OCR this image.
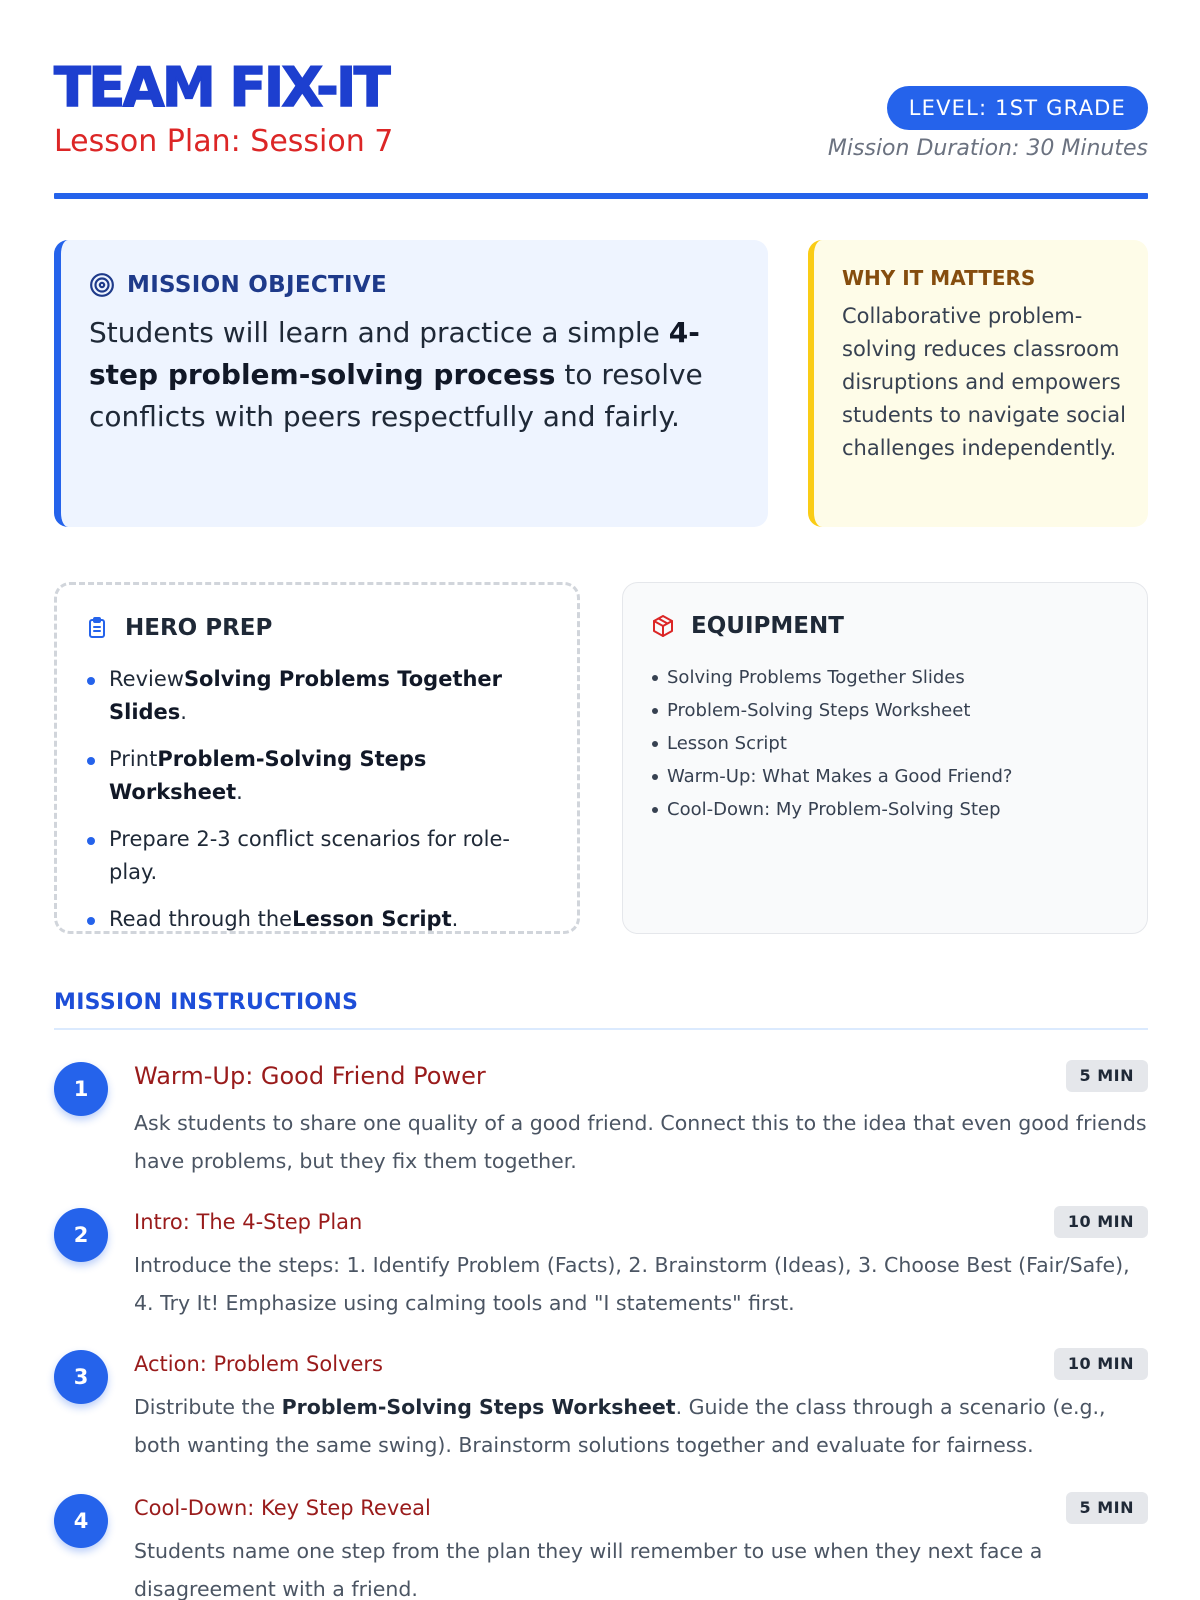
TEAM FIX-IT
Lesson Plan: Session 7
LEVEL: 1ST GRADE
Mission Duration: 30 Minutes
MISSION OBJECTIVE
Students will learn and practice a simple 4-step problem-solving process to resolve conflicts with peers respectfully and fairly.
WHY IT MATTERS
Collaborative problem-solving reduces classroom disruptions and empowers students to navigate social challenges independently.
HERO PREP
ReviewSolving Problems Together Slides.
PrintProblem-Solving Steps Worksheet.
Prepare 2-3 conflict scenarios for role-play.
Read through theLesson Script.
EQUIPMENT
Solving Problems Together Slides
Problem-Solving Steps Worksheet
Lesson Script
Warm-Up: What Makes a Good Friend?
Cool-Down: My Problem-Solving Step
MISSION INSTRUCTIONS
1	Warm-Up: Good Friend Power	5 MIN
Ask students to share one quality of a good friend. Connect this to the idea that even good friends have problems, but they fix them together.
2
Intro: The 4-Step Plan	10 MIN
Introduce the steps: 1. Identify Problem (Facts), 2. Brainstorm (Ideas), 3. Choose Best (Fair/Safe), 4. Try It! Emphasize using calming tools and "I statements" first.
3
Action: Problem Solvers	10 MIN
Distribute the Problem-Solving Steps Worksheet. Guide the class through a scenario (e.g., both wanting the same swing). Brainstorm solutions together and evaluate for fairness.
4
Cool-Down: Key Step Reveal	5 MIN
Students name one step from the plan they will remember to use when they next face a disagreement with a friend.
